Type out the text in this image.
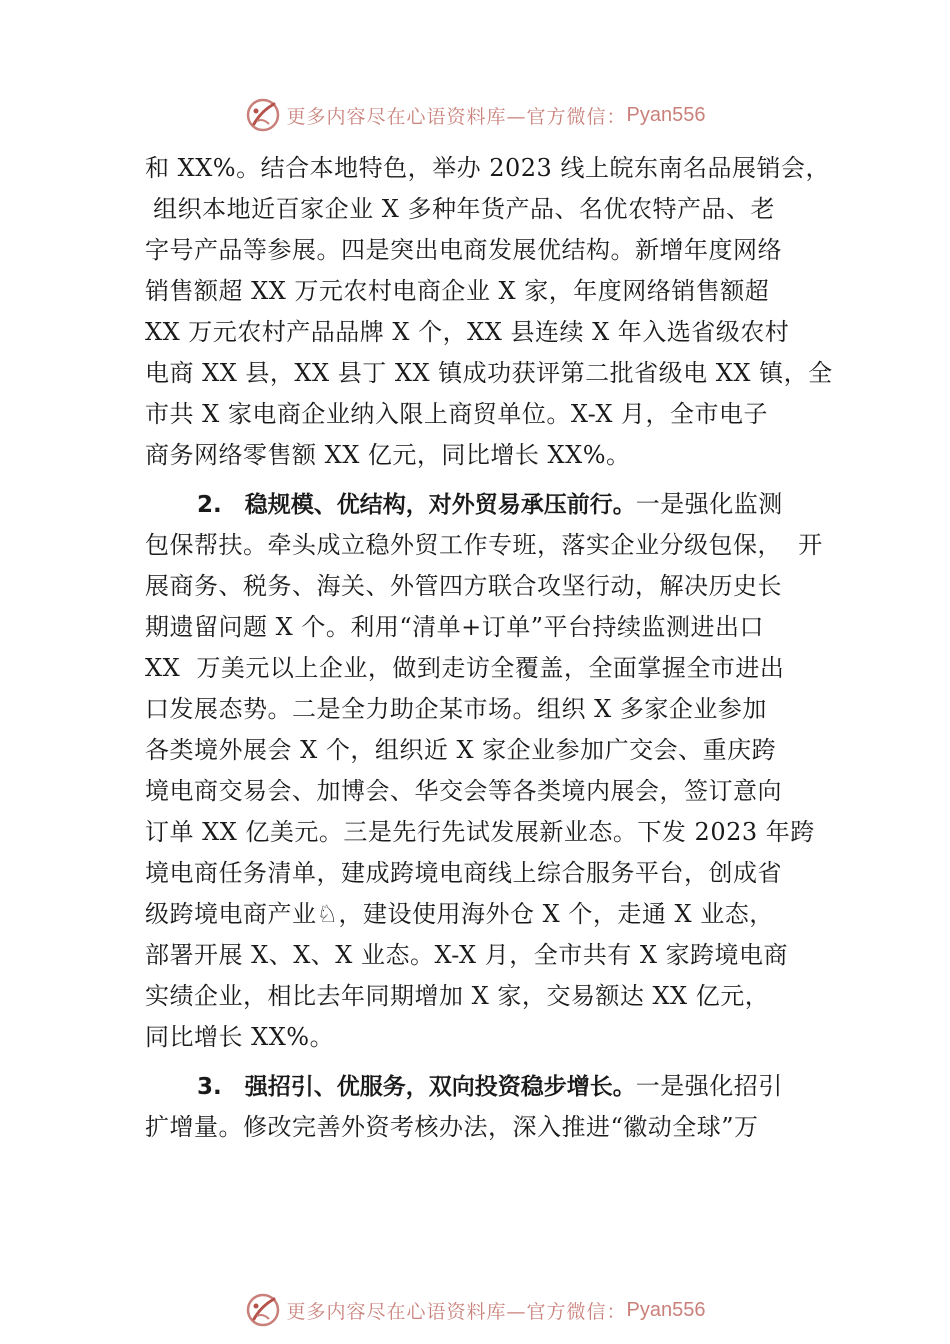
更多内容尽在心语资料库—官方微信： Pyan556
和 XX%。结合本地特色，举办 2023 线上皖东南名品展销会，
组织本地近百家企业 X 多种年货产品、名优农特产品、老
字号产品等参展。四是突出电商发展优结构。新增年度网络
销售额超 XX 万元农村电商企业 X 家，年度网络销售额超
XX 万元农村产品品牌 X 个，XX 县连续 X 年入选省级农村
电商 XX 县，XX 县丁 XX 镇成功获评第二批省级电 XX 镇，全
市共 X 家电商企业纳入限上商贸单位。X-X 月，全市电子
商务网络零售额 XX 亿元，同比增长 XX%。
2.　稳规模、优结构，对外贸易承压前行。一是强化监测
包保帮扶。牵头成立稳外贸工作专班，落实企业分级包保，  开
展商务、税务、海关、外管四方联合攻坚行动，解决历史长
期遗留问题 X 个。利用“清单+订单”平台持续监测进出口
XX  万美元以上企业，做到走访全覆盖，全面掌握全市进出
口发展态势。二是全力助企某市场。组织 X 多家企业参加
各类境外展会 X 个，组织近 X 家企业参加广交会、重庆跨
境电商交易会、加博会、华交会等各类境内展会，签订意向
订单 XX 亿美元。三是先行先试发展新业态。下发 2023 年跨
境电商任务清单，建成跨境电商线上综合服务平台，创成省
级跨境电商产业♘，建设使用海外仓 X 个，走通 X 业态，
部署开展 X、X、X 业态。X-X 月，全市共有 X 家跨境电商
实绩企业，相比去年同期增加 X 家，交易额达 XX 亿元，
同比增长 XX%。
3.　强招引、优服务，双向投资稳步增长。一是强化招引
扩增量。修改完善外资考核办法，深入推进“徽动全球”万
更多内容尽在心语资料库—官方微信： Pyan556
